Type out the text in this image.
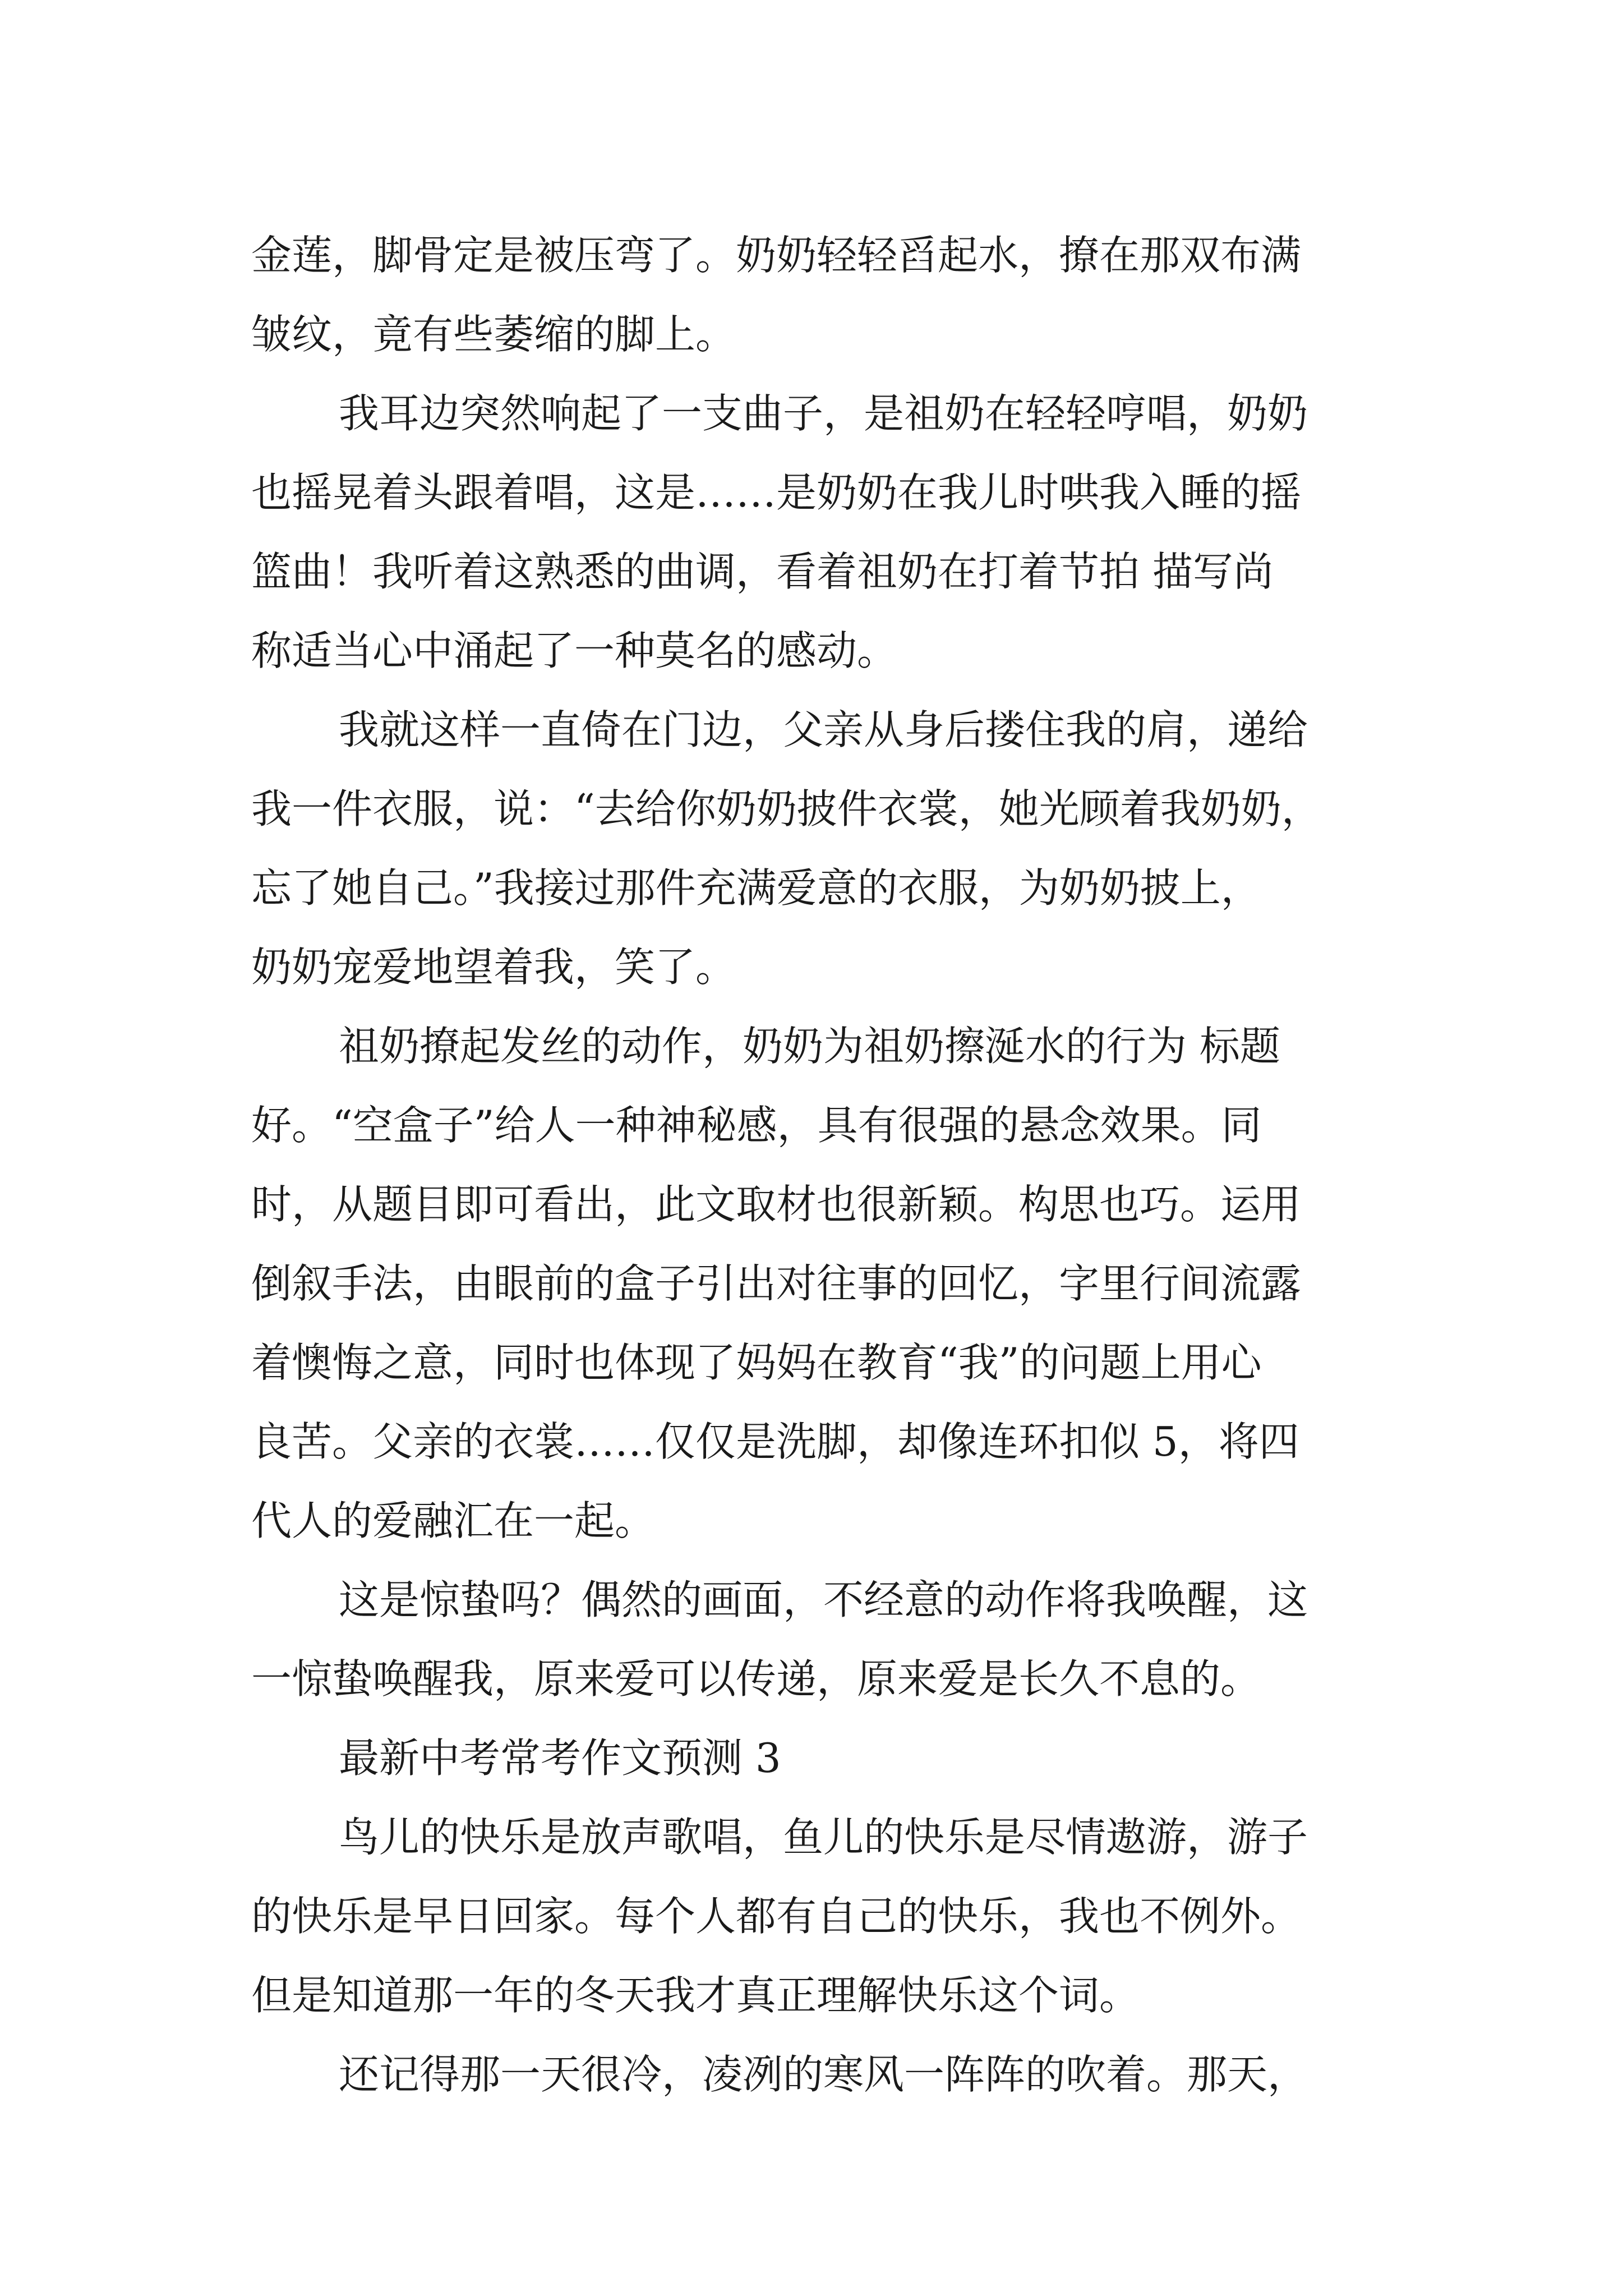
金莲，脚骨定是被压弯了。奶奶轻轻舀起水，撩在那双布满
皱纹，竟有些萎缩的脚上。

我耳边突然响起了一支曲子，是祖奶在轻轻哼唱，奶奶
也摇晃着头跟着唱，这是……是奶奶在我儿时哄我入睡的摇
篮曲！我听着这熟悉的曲调，看着祖奶在打着节拍 描写尚
称适当心中涌起了一种莫名的感动。

我就这样一直倚在门边，父亲从身后搂住我的肩，递给
我一件衣服，说：“去给你奶奶披件衣裳，她光顾着我奶奶，
忘了她自己。”我接过那件充满爱意的衣服，为奶奶披上，
奶奶宠爱地望着我，笑了。

祖奶撩起发丝的动作，奶奶为祖奶擦涎水的行为 标题
好。“空盒子”给人一种神秘感，具有很强的悬念效果。同
时，从题目即可看出，此文取材也很新颖。构思也巧。运用
倒叙手法，由眼前的盒子引出对往事的回忆，字里行间流露
着懊悔之意，同时也体现了妈妈在教育“我”的问题上用心
良苦。父亲的衣裳……仅仅是洗脚，却像连环扣似 5，将四
代人的爱融汇在一起。

这是惊蛰吗？偶然的画面，不经意的动作将我唤醒，这
一惊蛰唤醒我，原来爱可以传递，原来爱是长久不息的。

最新中考常考作文预测 3

鸟儿的快乐是放声歌唱，鱼儿的快乐是尽情遨游，游子
的快乐是早日回家。每个人都有自己的快乐，我也不例外。
但是知道那一年的冬天我才真正理解快乐这个词。

还记得那一天很冷，凌冽的寒风一阵阵的吹着。那天，
